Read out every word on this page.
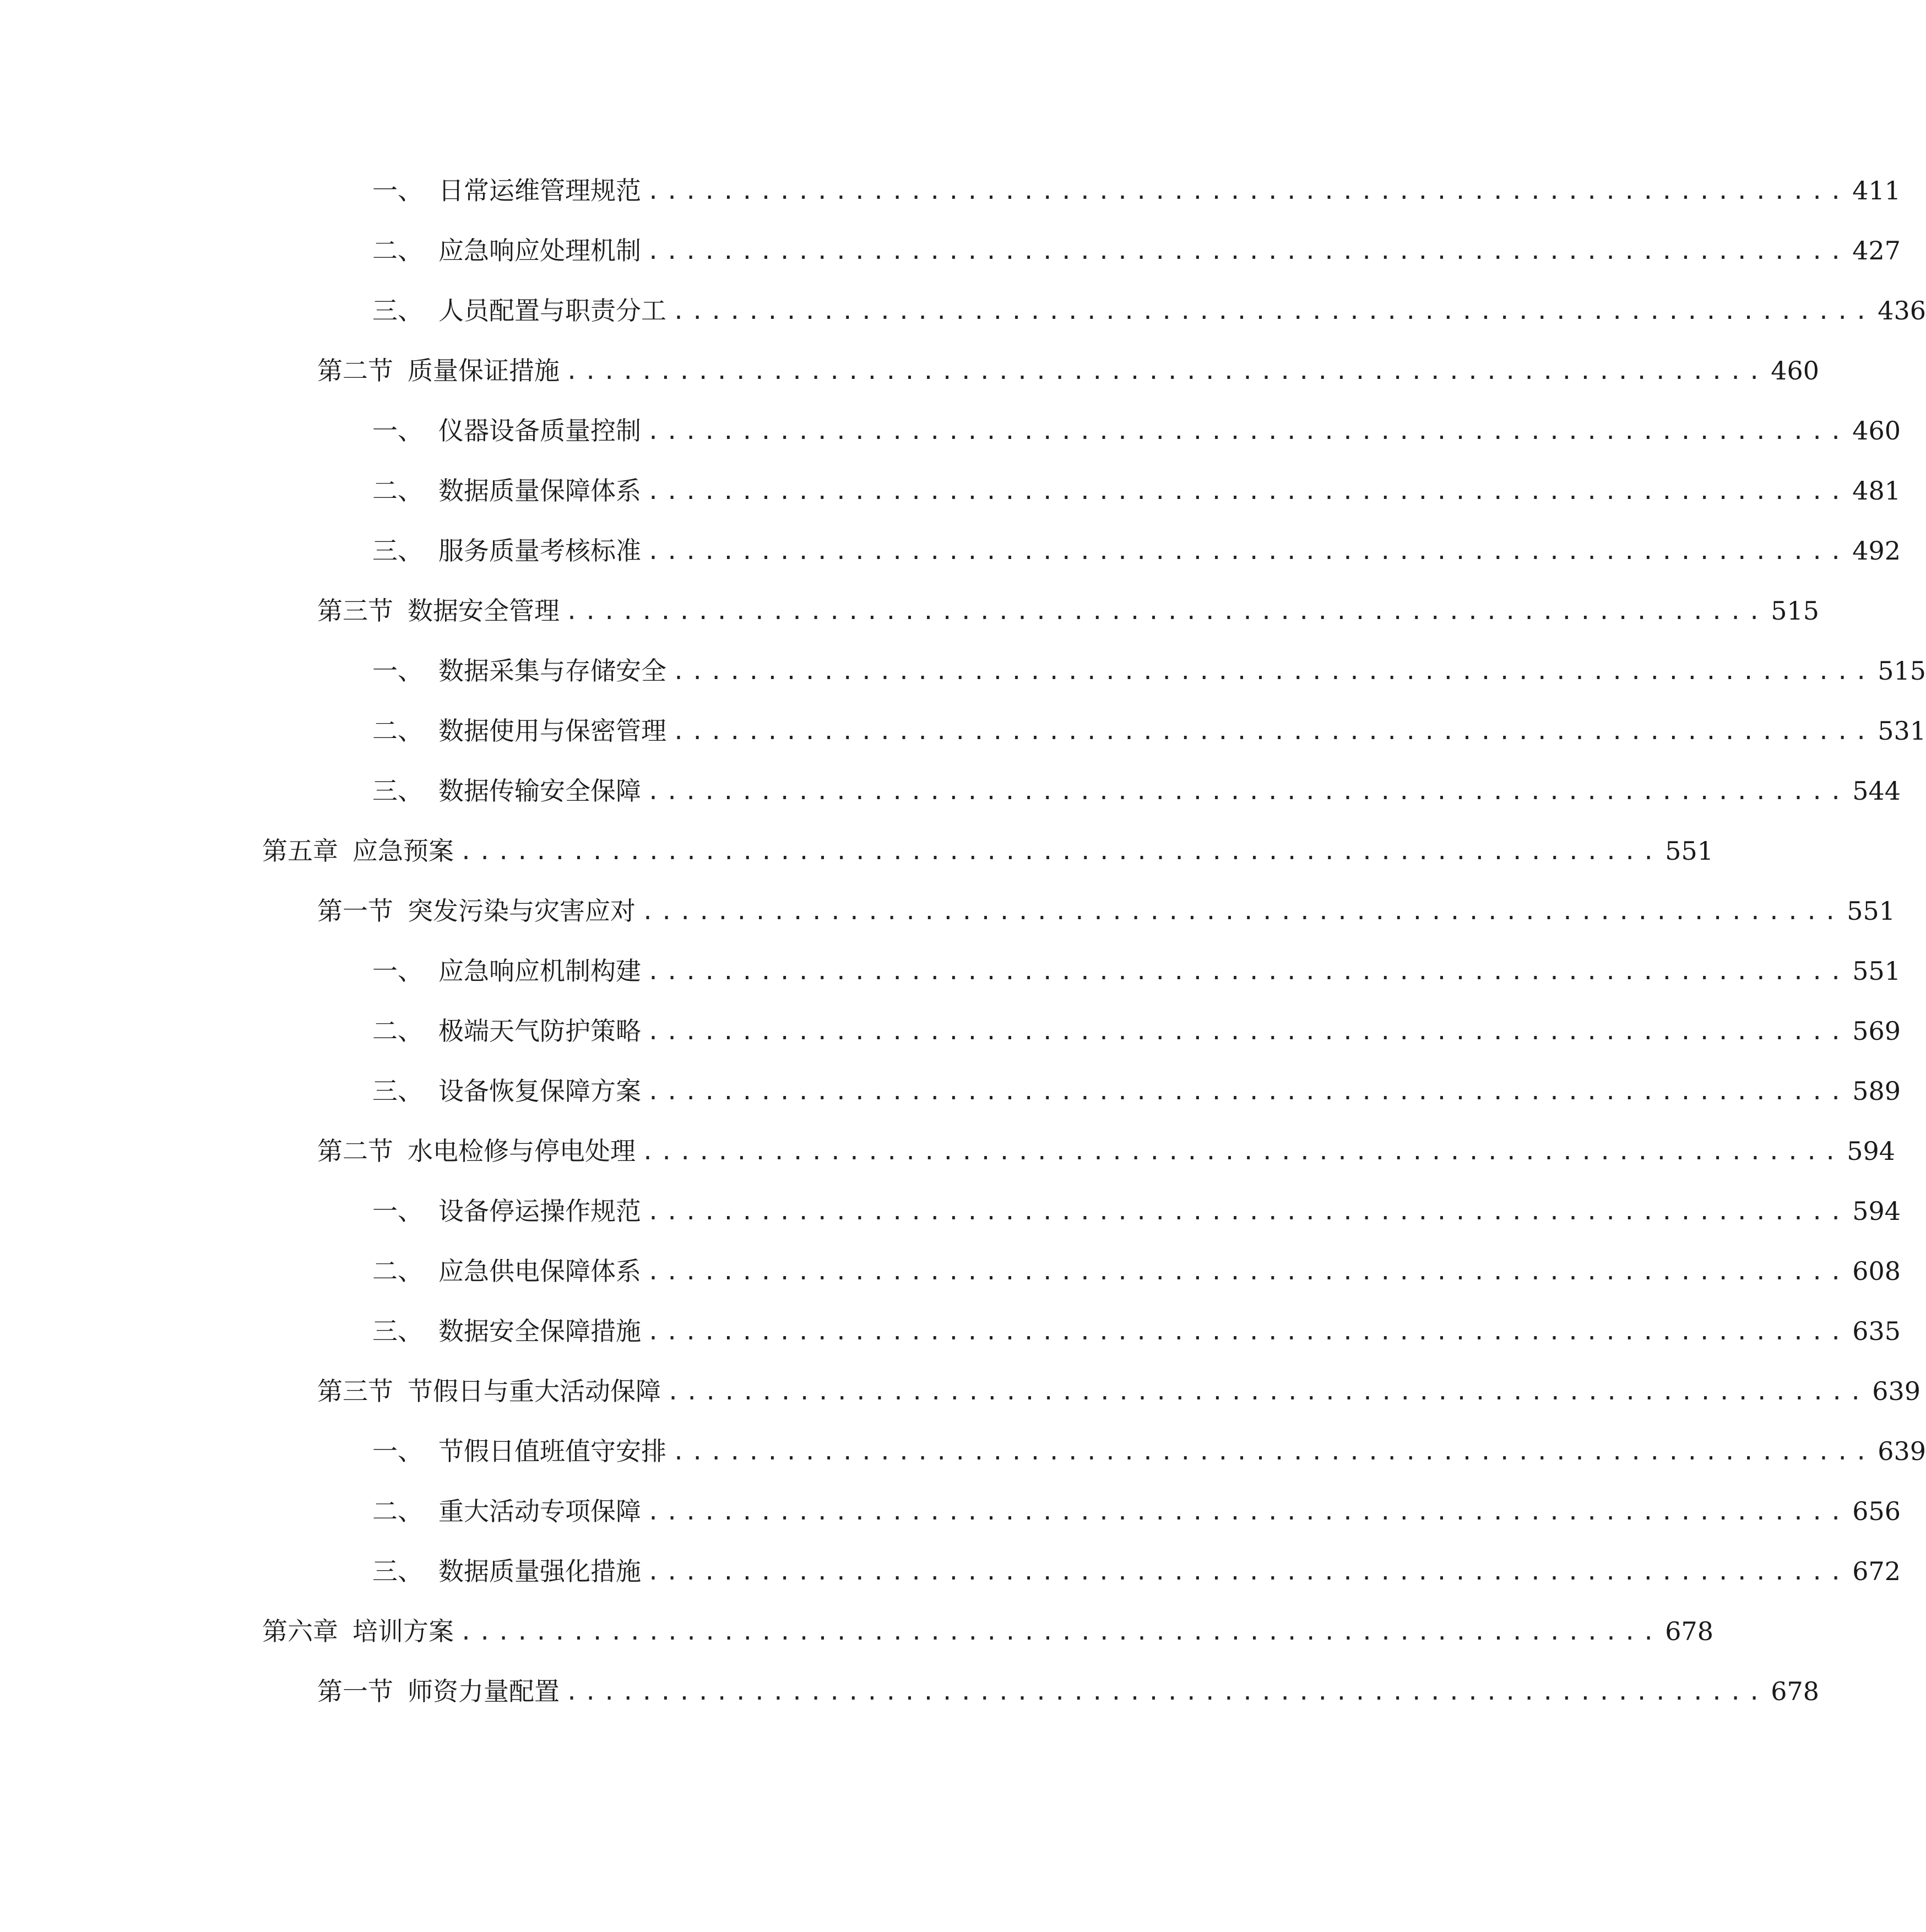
一、 日常运维管理规范 ................................................................ 411
二、 应急响应处理机制 ................................................................ 427
三、 人员配置与职责分工 ................................................................ 436
第二节 质量保证措施 ................................................................ 460
一、 仪器设备质量控制 ................................................................ 460
二、 数据质量保障体系 ................................................................ 481
三、 服务质量考核标准 ................................................................ 492
第三节 数据安全管理 ................................................................ 515
一、 数据采集与存储安全 ................................................................ 515
二、 数据使用与保密管理 ................................................................ 531
三、 数据传输安全保障 ................................................................ 544
第五章 应急预案 ................................................................ 551
第一节 突发污染与灾害应对 ................................................................ 551
一、 应急响应机制构建 ................................................................ 551
二、 极端天气防护策略 ................................................................ 569
三、 设备恢复保障方案 ................................................................ 589
第二节 水电检修与停电处理 ................................................................ 594
一、 设备停运操作规范 ................................................................ 594
二、 应急供电保障体系 ................................................................ 608
三、 数据安全保障措施 ................................................................ 635
第三节 节假日与重大活动保障 ................................................................ 639
一、 节假日值班值守安排 ................................................................ 639
二、 重大活动专项保障 ................................................................ 656
三、 数据质量强化措施 ................................................................ 672
第六章 培训方案 ................................................................ 678
第一节 师资力量配置 ................................................................ 678
